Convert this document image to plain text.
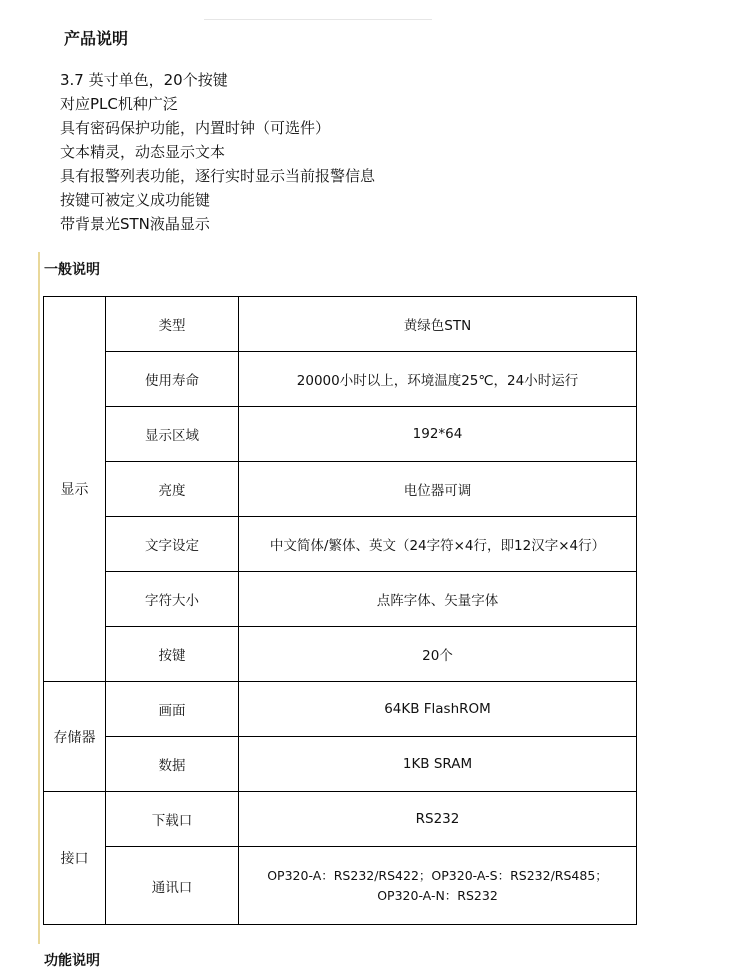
产品说明
3.7 英寸单色，20个按键
对应PLC机种广泛
具有密码保护功能，内置时钟（可选件）
文本精灵，动态显示文本
具有报警列表功能，逐行实时显示当前报警信息
按键可被定义成功能键
带背景光STN液晶显示
一般说明
显示	类型	黄绿色STN
	使用寿命	20000小时以上，环境温度25℃，24小时运行
	显示区域	192*64
	亮度	电位器可调
	文字设定	中文简体/繁体、英文（24字符×4行，即12汉字×4行）
	字符大小	点阵字体、矢量字体
	按键	20个
存储器	画面	64KB FlashROM
	数据	1KB SRAM
接口	下载口	RS232
	通讯口	OP320-A：RS232/RS422；OP320-A-S：RS232/RS485；
OP320-A-N：RS232
功能说明
